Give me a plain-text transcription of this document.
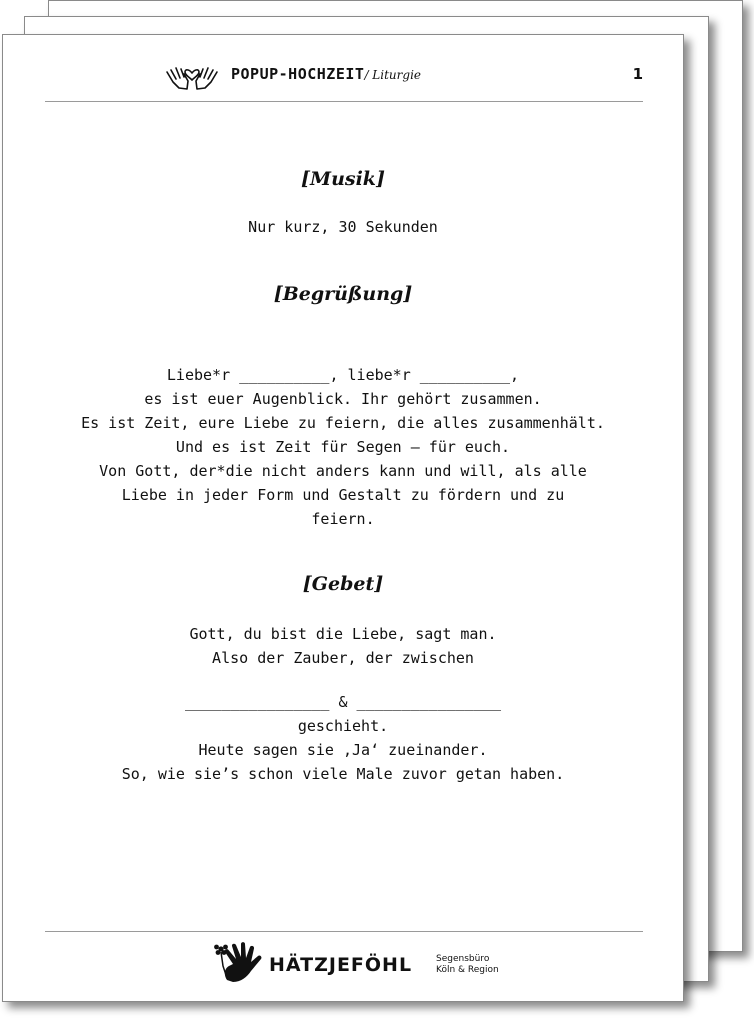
POPUP-HOCHZEIT/ Liturgie	1
[Musik]
Nur kurz, 30 Sekunden
[Begrüßung]
Liebe*r __________, liebe*r __________,
es ist euer Augenblick. Ihr gehört zusammen.
Es ist Zeit, eure Liebe zu feiern, die alles zusammenhält.
Und es ist Zeit für Segen – für euch.
Von Gott, der*die nicht anders kann und will, als alle
Liebe in jeder Form und Gestalt zu fördern und zu
feiern.
[Gebet]
Gott, du bist die Liebe, sagt man.
Also der Zauber, der zwischen
________________ & ________________
geschieht.
Heute sagen sie ‚Ja‘ zueinander.
So, wie sie’s schon viele Male zuvor getan haben.
HÄTZJEFÖHL	Segensbüro
Köln & Region
